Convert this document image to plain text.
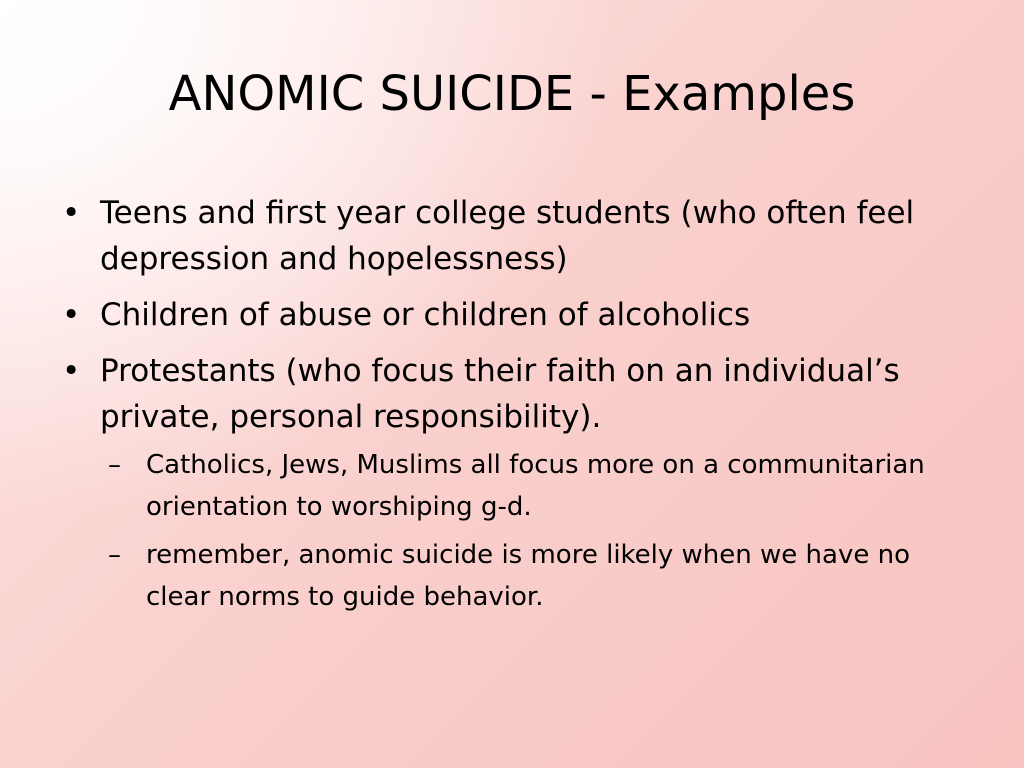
ANOMIC SUICIDE - Examples
• Teens and first year college students (who often feel depression and hopelessness)
• Children of abuse or children of alcoholics
• Protestants (who focus their faith on an individual’s private, personal responsibility).
– Catholics, Jews, Muslims all focus more on a communitarian orientation to worshiping g-d.
– remember, anomic suicide is more likely when we have no clear norms to guide behavior.
